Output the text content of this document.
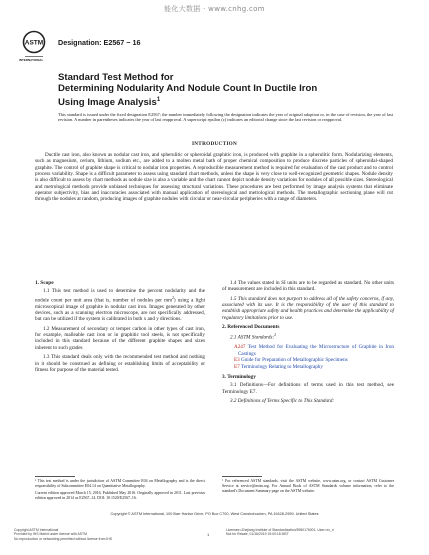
能化大数据 · www.cnhg.com
ASTM
INTERNATIONAL
Designation: E2567 − 16
Standard Test Method for
Determining Nodularity And Nodule Count In Ductile Iron
Using Image Analysis$^1$
This standard is issued under the fixed designation E2567; the number immediately following the designation indicates the year of original adoption or, in the case of revision, the year of last revision. A number in parentheses indicates the year of last reapproval. A superscript epsilon (ε) indicates an editorial change since the last revision or reapproval.
INTRODUCTION
Ductile cast iron, also known as nodular cast iron, and spherulitic or spheroidal graphitic iron, is produced with graphite in a spherulitic form. Nodularizing elements, such as magnesium, cerium, lithium, sodium etc., are added to a molten metal bath of proper chemical composition to produce discrete particles of spheroidal-shaped graphite. The control of graphite shape is critical to nodular iron properties. A reproducible measurement method is required for evaluation of the cast product and to control process variability. Shape is a difficult parameter to assess using standard chart methods, unless the shape is very close to well-recognized geometric shapes. Nodule density is also difficult to assess by chart methods as nodule size is also a variable and the chart cannot depict nodule density variations for nodules of all possible sizes. Stereological and metrological methods provide unbiased techniques for assessing structural variations. These procedures are best performed by image analysis systems that eliminate operator subjectivity, bias and inaccuracies associated with manual application of stereological and metrological methods. The metallographic sectioning plane will cut through the nodules at random, producing images of graphite nodules with circular or near-circular peripheries with a range of diameters.
1. Scope

1.1 This test method is used to determine the percent nodularity and the nodule count per unit area (that is, number of nodules per $mm^2$) using a light microscopical image of graphite in nodular cast iron. Images generated by other devices, such as a scanning electron microscope, are not specifically addressed, but can be utilized if the system is calibrated in both x and y directions.

1.2 Measurement of secondary or temper carbon in other types of cast iron, for example, malleable cast iron or in graphitic tool steels, is not specifically included in this standard because of the different graphite shapes and sizes inherent to such grades

1.3 This standard deals only with the recommended test method and nothing in it should be construed as defining or establishing limits of acceptability or fitness for purpose of the material tested.

1.4 The values stated in SI units are to be regarded as standard. No other units of measurement are included in this standard.

1.5 This standard does not purport to address all of the safety concerns, if any, associated with its use. It is the responsibility of the user of this standard to establish appropriate safety and health practices and determine the applicability of regulatory limitations prior to use.

2. Referenced Documents

2.1 ASTM Standards:$^2$

A247 Test Method for Evaluating the Microstructure of Graphite in Iron Castings
E3 Guide for Preparation of Metallographic Specimens
E7 Terminology Relating to Metallography
3. Terminology

3.1 Definitions—For definitions of terms used in this test method, see Terminology E7.

3.2 Definitions of Terms Specific to This Standard:

¹ This test method is under the jurisdiction of ASTM Committee E04 on Metallography and is the direct responsibility of Subcommittee E04.14 on Quantitative Metallography.

Current edition approved March 15, 2016. Published May 2016. Originally approved in 2011. Last previous edition approved in 2014 as E2567–14. DOI: 10.1520/E2567–16.

² For referenced ASTM standards, visit the ASTM website, www.astm.org, or contact ASTM Customer Service at service@astm.org. For Annual Book of ASTM Standards volume information, refer to the standard's Document Summary page on the ASTM website.

Copyright © ASTM International, 100 Barr Harbor Drive, PO Box C700, West Conshohocken, PA 19428-2959. United States
Copyright ASTM International
Provided by IHS Markit under license with ASTM
No reproduction or networking permitted without license from IHS
1
Licensee=Zhejiang Institute of Standardization/5950176001, User=xx_ri
Not for Resale, 01/16/2019 19:00:18 MST
